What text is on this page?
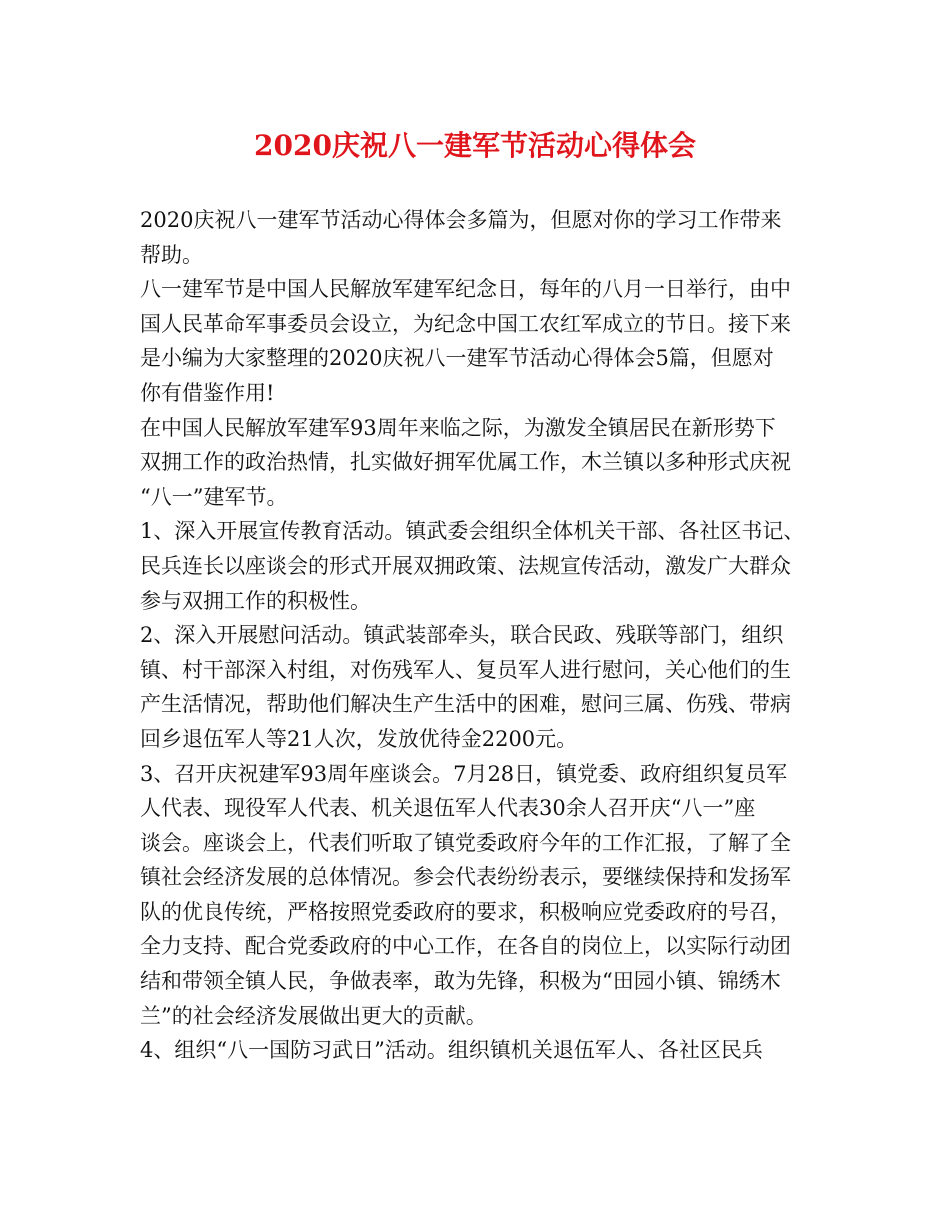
2020庆祝八一建军节活动心得体会
2020庆祝八一建军节活动心得体会多篇为，但愿对你的学习工作带来
帮助。
八一建军节是中国人民解放军建军纪念日，每年的八月一日举行，由中
国人民革命军事委员会设立，为纪念中国工农红军成立的节日。接下来
是小编为大家整理的2020庆祝八一建军节活动心得体会5篇，但愿对
你有借鉴作用!
在中国人民解放军建军93周年来临之际，为激发全镇居民在新形势下
双拥工作的政治热情，扎实做好拥军优属工作，木兰镇以多种形式庆祝
“八一”建军节。
1、深入开展宣传教育活动。镇武委会组织全体机关干部、各社区书记、
民兵连长以座谈会的形式开展双拥政策、法规宣传活动，激发广大群众
参与双拥工作的积极性。
2、深入开展慰问活动。镇武装部牵头，联合民政、残联等部门，组织
镇、村干部深入村组，对伤残军人、复员军人进行慰问，关心他们的生
产生活情况，帮助他们解决生产生活中的困难，慰问三属、伤残、带病
回乡退伍军人等21人次，发放优待金2200元。
3、召开庆祝建军93周年座谈会。7月28日，镇党委、政府组织复员军
人代表、现役军人代表、机关退伍军人代表30余人召开庆“八一”座
谈会。座谈会上，代表们听取了镇党委政府今年的工作汇报，了解了全
镇社会经济发展的总体情况。参会代表纷纷表示，要继续保持和发扬军
队的优良传统，严格按照党委政府的要求，积极响应党委政府的号召，
全力支持、配合党委政府的中心工作，在各自的岗位上，以实际行动团
结和带领全镇人民，争做表率，敢为先锋，积极为“田园小镇、锦绣木
兰”的社会经济发展做出更大的贡献。
4、组织“八一国防习武日”活动。组织镇机关退伍军人、各社区民兵
